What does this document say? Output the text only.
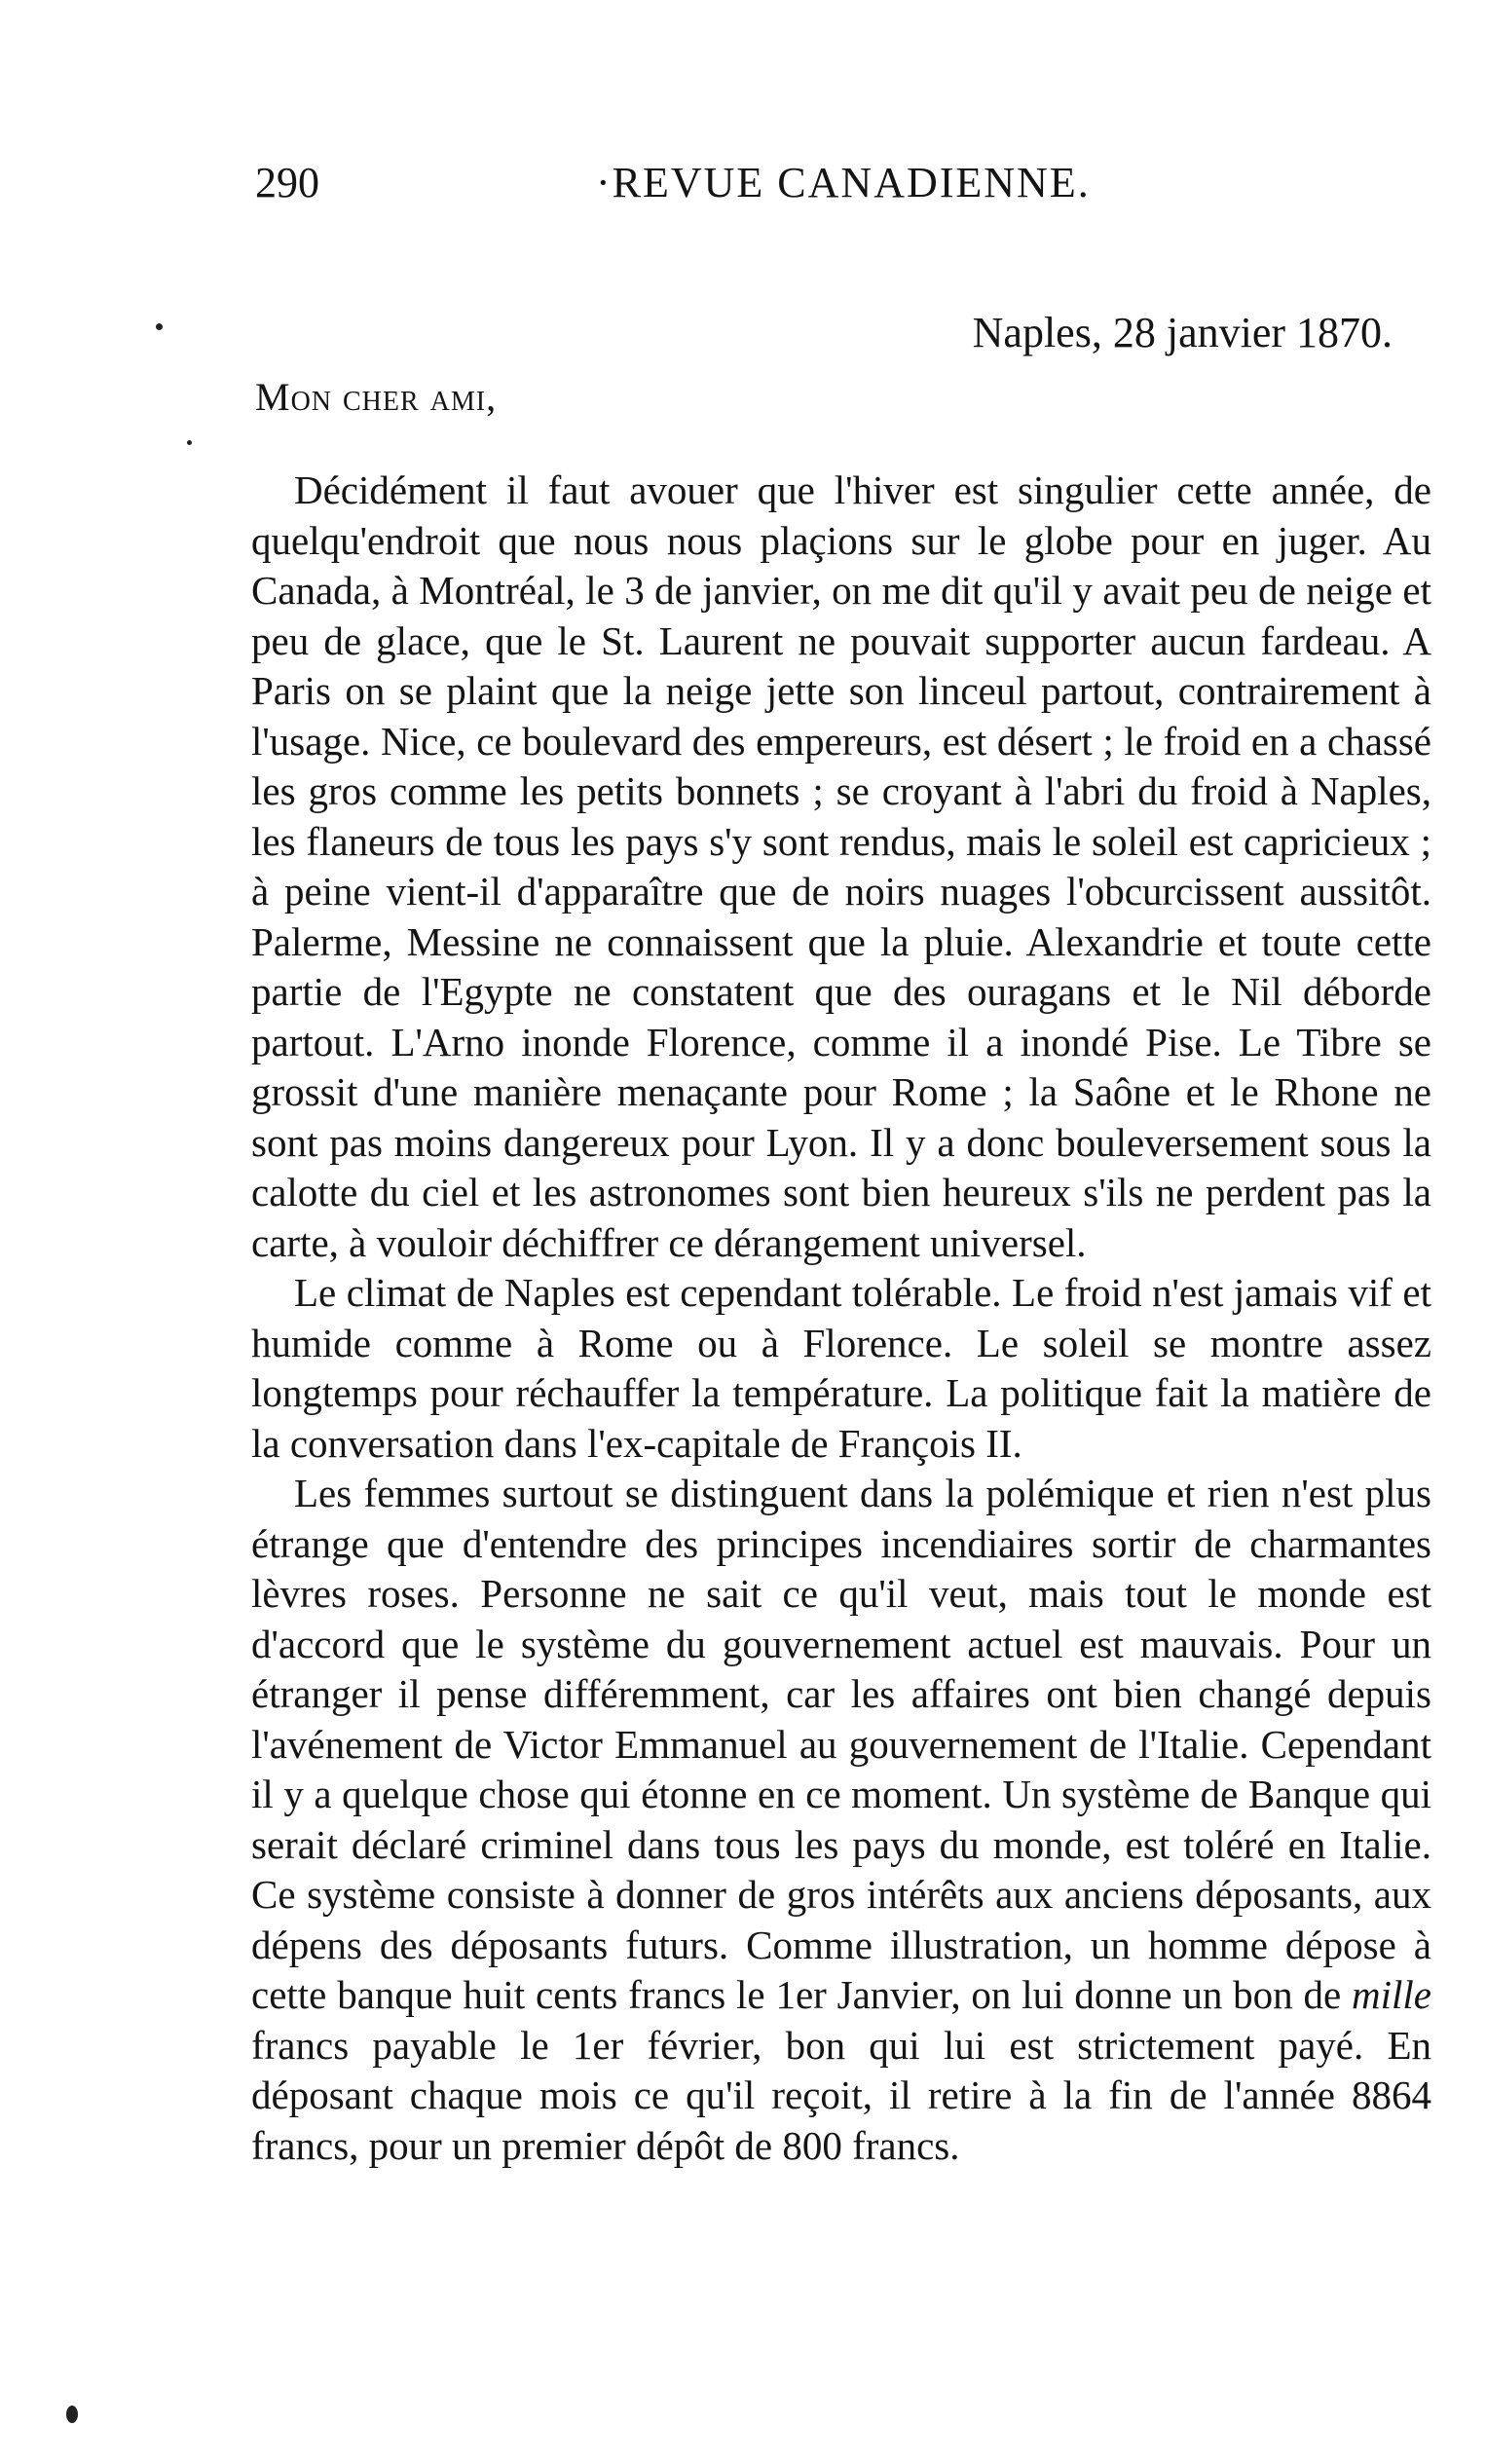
290	·REVUE CANADIENNE.
Naples, 28 janvier 1870.
Mon cher ami,

Décidément il faut avouer que l'hiver est singulier cette année, de quelqu'endroit que nous nous plaçions sur le globe pour en juger. Au Canada, à Montréal, le 3 de janvier, on me dit qu'il y avait peu de neige et peu de glace, que le St. Laurent ne pouvait supporter aucun fardeau. A Paris on se plaint que la neige jette son linceul partout, contrairement à l'usage. Nice, ce boulevard des empereurs, est désert ; le froid en a chassé les gros comme les petits bonnets ; se croyant à l'abri du froid à Naples, les flaneurs de tous les pays s'y sont rendus, mais le soleil est capricieux ; à peine vient-il d'apparaître que de noirs nuages l'obcurcissent aussitôt. Palerme, Messine ne connaissent que la pluie. Alexandrie et toute cette partie de l'Egypte ne constatent que des ouragans et le Nil déborde partout. L'Arno inonde Florence, comme il a inondé Pise. Le Tibre se grossit d'une manière menaçante pour Rome ; la Saône et le Rhone ne sont pas moins dangereux pour Lyon. Il y a donc bouleversement sous la calotte du ciel et les astronomes sont bien heureux s'ils ne perdent pas la carte, à vouloir déchiffrer ce dérangement universel.

Le climat de Naples est cependant tolérable. Le froid n'est jamais vif et humide comme à Rome ou à Florence. Le soleil se montre assez longtemps pour réchauffer la température. La politique fait la matière de la conversation dans l'ex-capitale de François II.

Les femmes surtout se distinguent dans la polémique et rien n'est plus étrange que d'entendre des principes incendiaires sortir de charmantes lèvres roses. Personne ne sait ce qu'il veut, mais tout le monde est d'accord que le système du gouvernement actuel est mauvais. Pour un étranger il pense différemment, car les affaires ont bien changé depuis l'avénement de Victor Emmanuel au gouvernement de l'Italie. Cependant il y a quelque chose qui étonne en ce moment. Un système de Banque qui serait déclaré criminel dans tous les pays du monde, est toléré en Italie. Ce système consiste à donner de gros intérêts aux anciens déposants, aux dépens des déposants futurs. Comme illustration, un homme dépose à cette banque huit cents francs le 1er Janvier, on lui donne un bon de mille francs payable le 1er février, bon qui lui est strictement payé. En déposant chaque mois ce qu'il reçoit, il retire à la fin de l'année 8864 francs, pour un premier dépôt de 800 francs.
